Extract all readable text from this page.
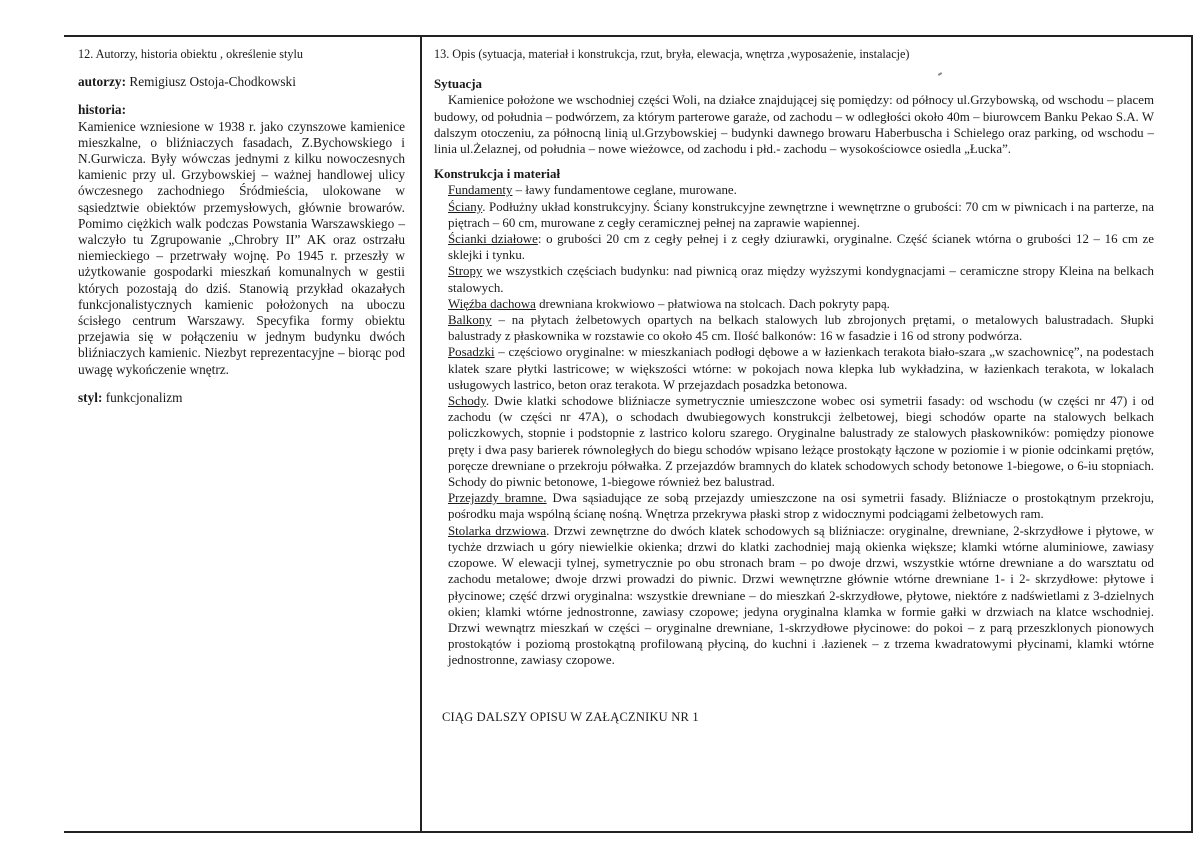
12. Autorzy, historia obiektu , określenie stylu

autorzy: Remigiusz Ostoja-Chodkowski

historia:

Kamienice wzniesione w 1938 r. jako czynszowe kamienice mieszkalne, o bliźniaczych fasadach, Z.Bychowskiego i N.Gurwicza. Były wówczas jednymi z kilku nowoczesnych kamienic przy ul. Grzybowskiej – ważnej handlowej ulicy ówczesnego zachodniego Śródmieścia, ulokowane w sąsiedztwie obiektów przemysłowych, głównie browarów. Pomimo ciężkich walk podczas Powstania Warszawskiego – walczyło tu Zgrupowanie „Chrobry II” AK oraz ostrzału niemieckiego – przetrwały wojnę. Po 1945 r. przeszły w użytkowanie gospodarki mieszkań komunalnych w gestii których pozostają do dziś. Stanowią przykład okazałych funkcjonalistycznych kamienic położonych na uboczu ścisłego centrum Warszawy. Specyfika formy obiektu przejawia się w połączeniu w jednym budynku dwóch bliźniaczych kamienic. Niezbyt reprezentacyjne – biorąc pod uwagę wykończenie wnętrz.

styl: funkcjonalizm

13. Opis (sytuacja, materiał i konstrukcja, rzut, bryła, elewacja, wnętrza ,wyposażenie, instalacje)

Sytuacja

Kamienice położone we wschodniej części Woli, na działce znajdującej się pomiędzy: od północy ul.Grzybowską, od wschodu – placem budowy, od południa – podwórzem, za którym parterowe garaże, od zachodu – w odległości około 40m – biurowcem Banku Pekao S.A. W dalszym otoczeniu, za północną linią ul.Grzybowskiej – budynki dawnego browaru Haberbuscha i Schielego oraz parking, od wschodu – linia ul.Żelaznej, od południa – nowe wieżowce, od zachodu i płd.- zachodu – wysokościowce osiedla „Łucka”.

Konstrukcja i materiał

Fundamenty – ławy fundamentowe ceglane, murowane.

Ściany. Podłużny układ konstrukcyjny. Ściany konstrukcyjne zewnętrzne i wewnętrzne o grubości: 70 cm w piwnicach i na parterze, na piętrach – 60 cm, murowane z cegły ceramicznej pełnej na zaprawie wapiennej.

Ścianki działowe: o grubości 20 cm z cegły pełnej i z cegły dziurawki, oryginalne. Część ścianek wtórna o grubości 12 – 16 cm ze sklejki i tynku.

Stropy we wszystkich częściach budynku: nad piwnicą oraz między wyższymi kondygnacjami – ceramiczne stropy Kleina na belkach stalowych.

Więźba dachowa drewniana krokwiowo – płatwiowa na stolcach. Dach pokryty papą.

Balkony – na płytach żelbetowych opartych na belkach stalowych lub zbrojonych prętami, o metalowych balustradach. Słupki balustrady z płaskownika w rozstawie co około 45 cm. Ilość balkonów: 16 w fasadzie i 16 od strony podwórza.

Posadzki – częściowo oryginalne: w mieszkaniach podłogi dębowe a w łazienkach terakota biało-szara „w szachownicę”, na podestach klatek szare płytki lastricowe; w większości wtórne: w pokojach nowa klepka lub wykładzina, w łazienkach terakota, w lokalach usługowych lastrico, beton oraz terakota. W przejazdach posadzka betonowa.

Schody. Dwie klatki schodowe bliźniacze symetrycznie umieszczone wobec osi symetrii fasady: od wschodu (w części nr 47) i od zachodu (w części nr 47A), o schodach dwubiegowych konstrukcji żelbetowej, biegi schodów oparte na stalowych belkach policzkowych, stopnie i podstopnie z lastrico koloru szarego. Oryginalne balustrady ze stalowych płaskowników: pomiędzy pionowe pręty i dwa pasy barierek równoległych do biegu schodów wpisano leżące prostokąty łączone w poziomie i w pionie odcinkami prętów, poręcze drewniane o przekroju półwałka. Z przejazdów bramnych do klatek schodowych schody betonowe 1-biegowe, o 6-iu stopniach. Schody do piwnic betonowe, 1-biegowe również bez balustrad.

Przejazdy bramne. Dwa sąsiadujące ze sobą przejazdy umieszczone na osi symetrii fasady. Bliźniacze o prostokątnym przekroju, pośrodku maja wspólną ścianę nośną. Wnętrza przekrywa płaski strop z widocznymi podciągami żelbetowych ram.

Stolarka drzwiowa. Drzwi zewnętrzne do dwóch klatek schodowych są bliźniacze: oryginalne, drewniane, 2-skrzydłowe i płytowe, w tychże drzwiach u góry niewielkie okienka; drzwi do klatki zachodniej mają okienka większe; klamki wtórne aluminiowe, zawiasy czopowe. W elewacji tylnej, symetrycznie po obu stronach bram – po dwoje drzwi, wszystkie wtórne drewniane a do warsztatu od zachodu metalowe; dwoje drzwi prowadzi do piwnic. Drzwi wewnętrzne głównie wtórne drewniane 1- i 2- skrzydłowe: płytowe i płycinowe; część drzwi oryginalna: wszystkie drewniane – do mieszkań 2-skrzydłowe, płytowe, niektóre z nadświetlami z 3-dzielnych okien; klamki wtórne jednostronne, zawiasy czopowe; jedyna oryginalna klamka w formie gałki w drzwiach na klatce wschodniej. Drzwi wewnątrz mieszkań w części – oryginalne drewniane, 1-skrzydłowe płycinowe: do pokoi – z parą przeszklonych pionowych prostokątów i poziomą prostokątną profilowaną płyciną, do kuchni i .łazienek – z trzema kwadratowymi płycinami, klamki wtórne jednostronne, zawiasy czopowe.

CIĄG DALSZY OPISU W ZAŁĄCZNIKU NR 1
